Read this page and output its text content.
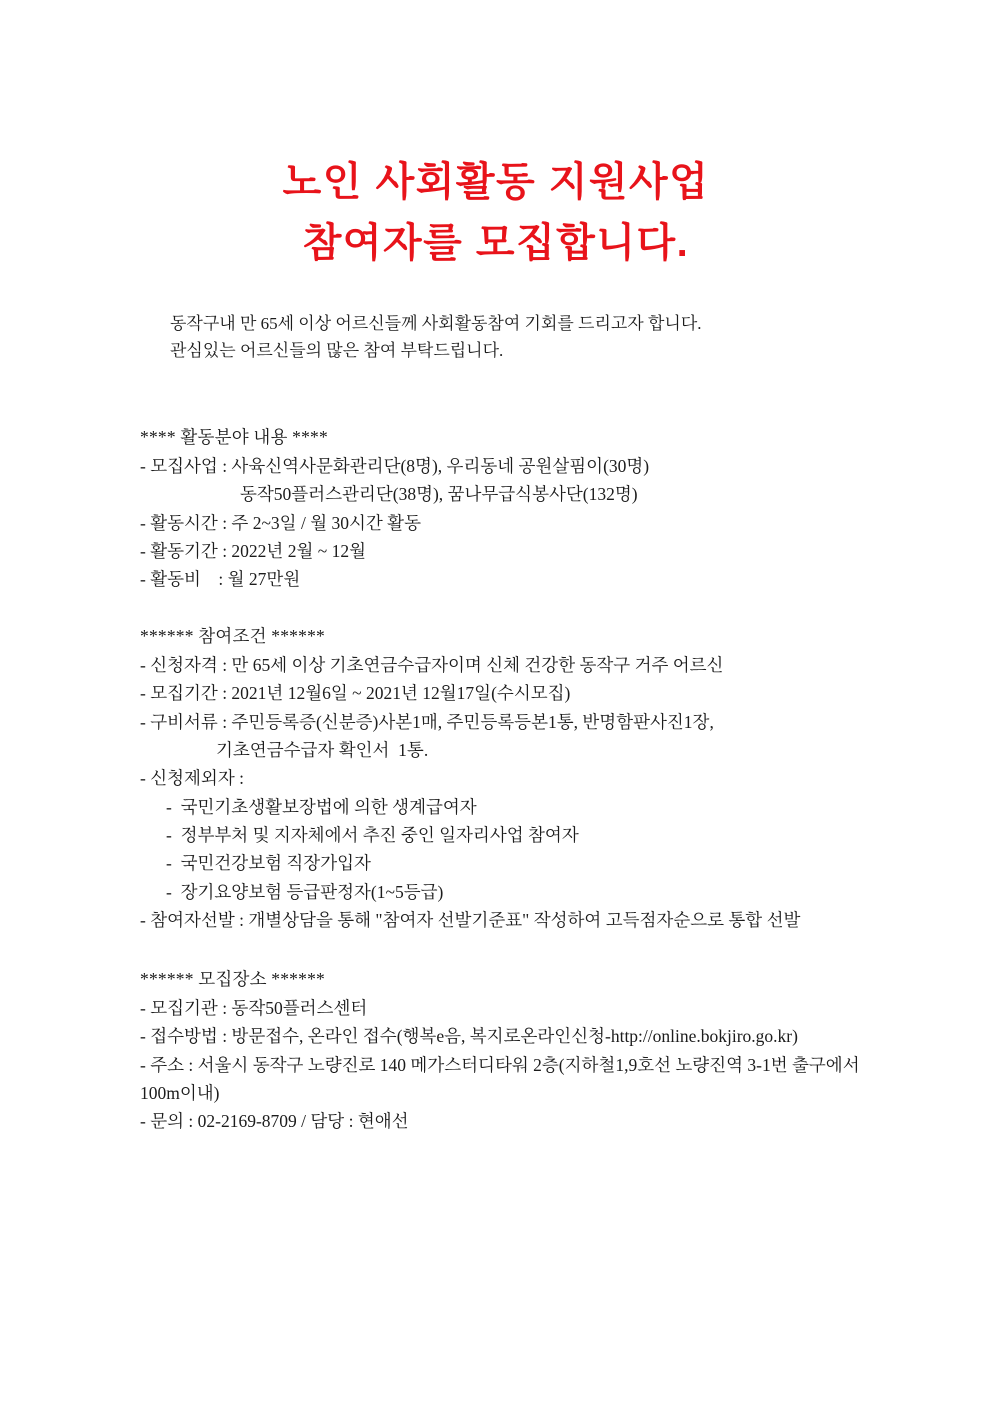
노인 사회활동 지원사업
참여자를 모집합니다.
동작구내 만 65세 이상 어르신들께 사회활동참여 기회를 드리고자 합니다.
관심있는 어르신들의 많은 참여 부탁드립니다.
**** 활동분야 내용 ****
- 모집사업 : 사육신역사문화관리단(8명), 우리동네 공원살핌이(30명)
동작50플러스관리단(38명), 꿈나무급식봉사단(132명)
- 활동시간 : 주 2~3일 / 월 30시간 활동
- 활동기간 : 2022년 2월 ~ 12월
- 활동비    : 월 27만원
****** 참여조건 ******
- 신청자격 : 만 65세 이상 기초연금수급자이며 신체 건강한 동작구 거주 어르신
- 모집기간 : 2021년 12월6일 ~ 2021년 12월17일(수시모집)
- 구비서류 : 주민등록증(신분증)사본1매, 주민등록등본1통, 반명함판사진1장,
기초연금수급자 확인서  1통.
- 신청제외자 :
-  국민기초생활보장법에 의한 생계급여자
-  정부부처 및 지자체에서 추진 중인 일자리사업 참여자
-  국민건강보험 직장가입자
-  장기요양보험 등급판정자(1~5등급)
- 참여자선발 : 개별상담을 통해 "참여자 선발기준표" 작성하여 고득점자순으로 통합 선발
****** 모집장소 ******
- 모집기관 : 동작50플러스센터
- 접수방법 : 방문접수, 온라인 접수(행복e음, 복지로온라인신청-http://online.bokjiro.go.kr)
- 주소 : 서울시 동작구 노량진로 140 메가스터디타워 2층(지하철1,9호선 노량진역 3-1번 출구에서 100m이내)
- 문의 : 02-2169-8709 / 담당 : 현애선
